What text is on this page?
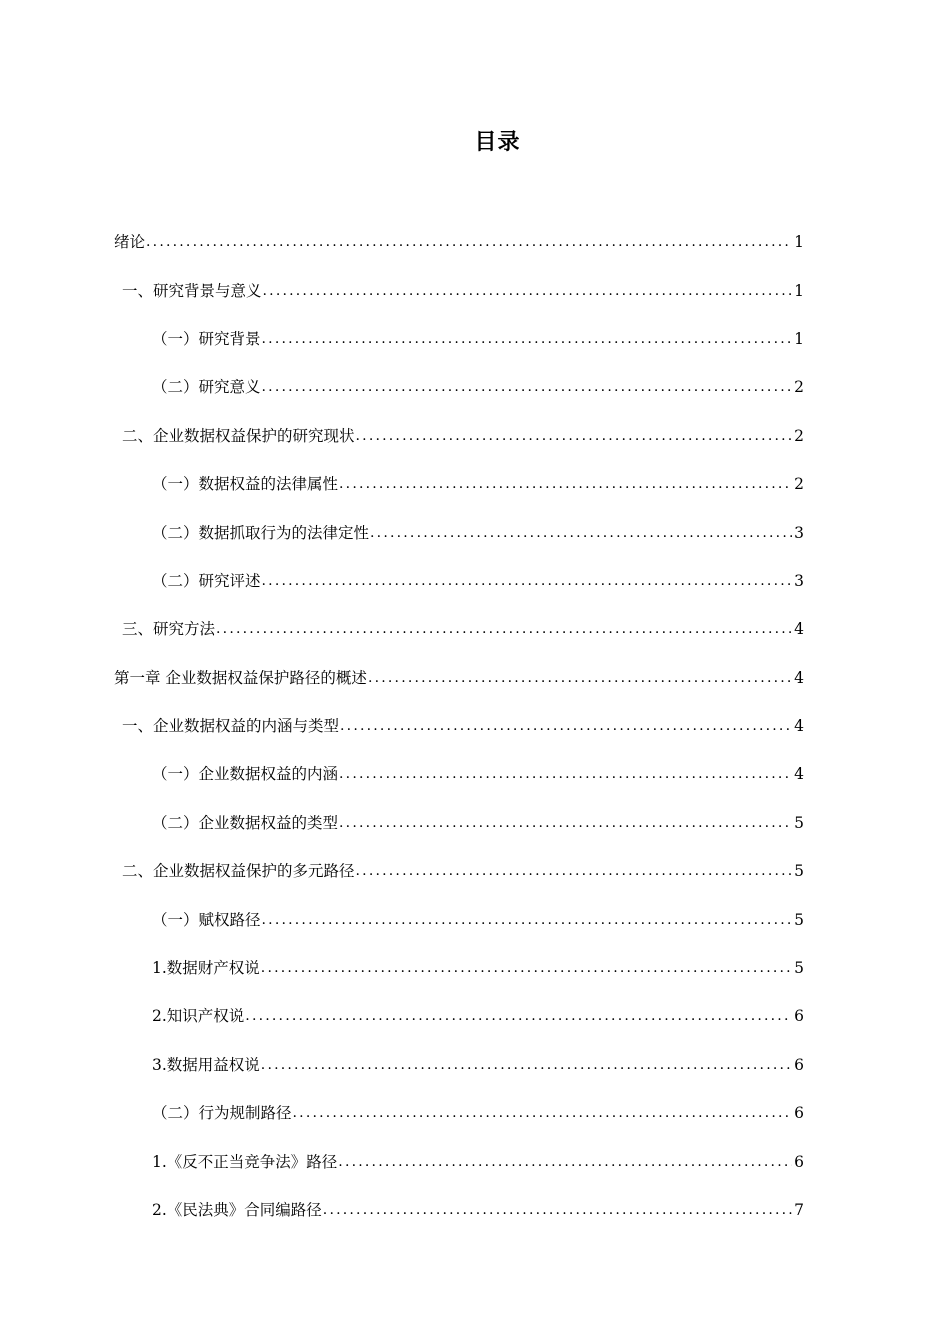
目录
绪论 .....	1
一、研究背景与意义 .....	1
（一）研究背景 .....	1
（二）研究意义 .....	2
二、企业数据权益保护的研究现状 .....	2
（一）数据权益的法律属性 .....	2
（二）数据抓取行为的法律定性 .....	3
（二）研究评述 .....	3
三、研究方法 .....	4
第一章 企业数据权益保护路径的概述 .....	4
一、企业数据权益的内涵与类型 .....	4
（一）企业数据权益的内涵 .....	4
（二）企业数据权益的类型 .....	5
二、企业数据权益保护的多元路径 .....	5
（一）赋权路径 .....	5
1.数据财产权说 .....	5
2.知识产权说 .....	6
3.数据用益权说 .....	6
（二）行为规制路径 .....	6
1.《反不正当竞争法》路径 .....	6
2.《民法典》合同编路径 .....	7
